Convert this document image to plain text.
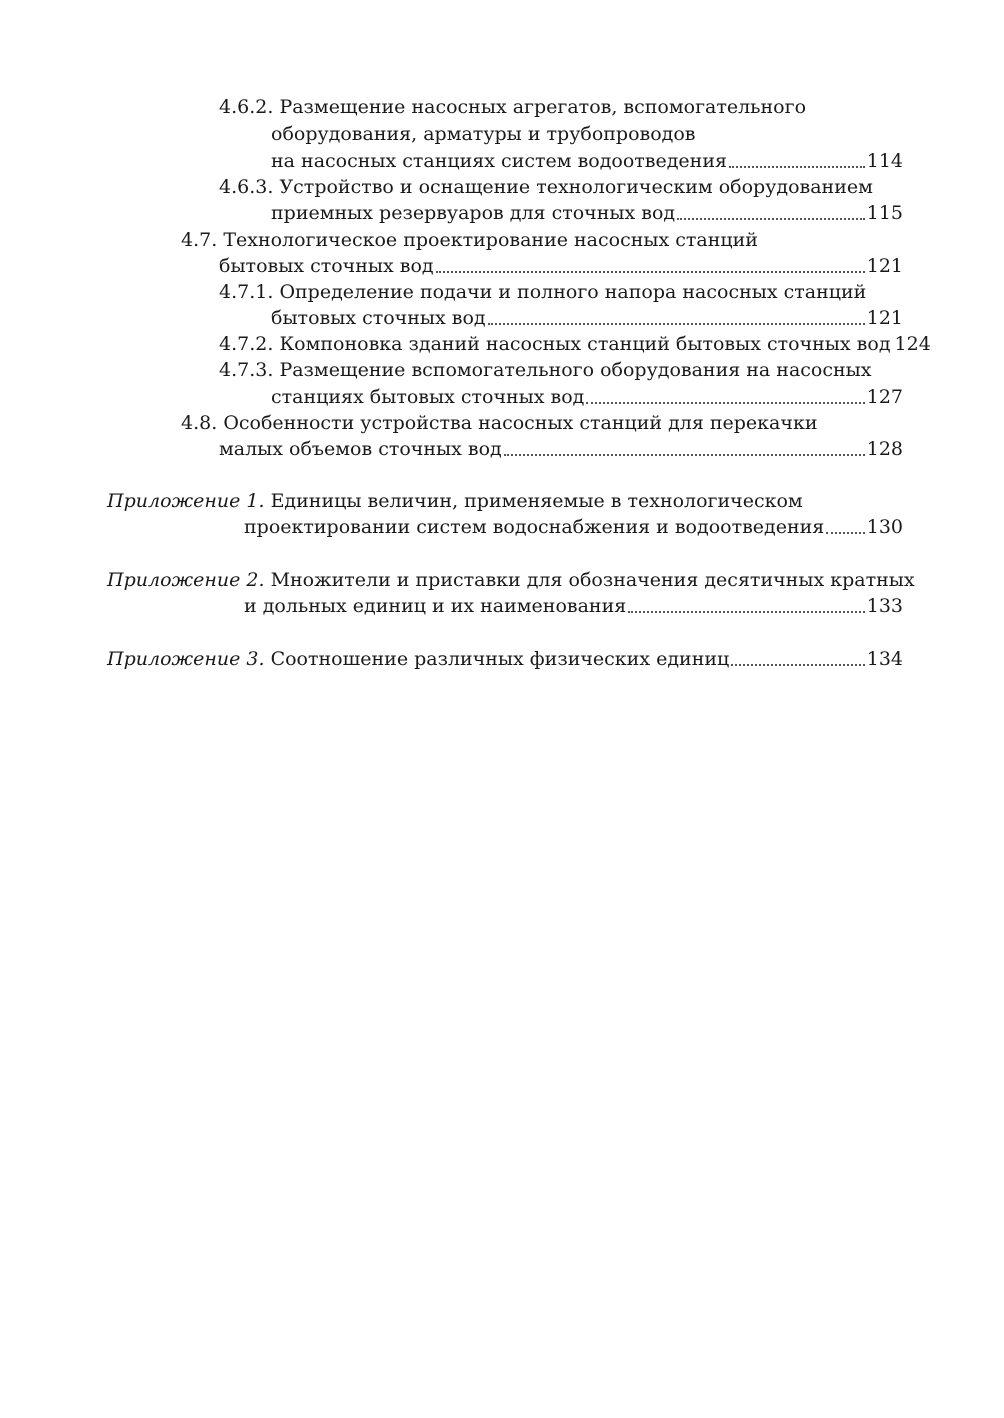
4.6.2. Размещение насосных агрегатов, вспомогательного
оборудования, арматуры и трубопроводов
на насосных станциях систем водоотведения	114
4.6.3. Устройство и оснащение технологическим оборудованием
приемных резервуаров для сточных вод	115
4.7. Технологическое проектирование насосных станций
бытовых сточных вод	121
4.7.1. Определение подачи и полного напора насосных станций
бытовых сточных вод	121
4.7.2. Компоновка зданий насосных станций бытовых сточных вод 124
4.7.3. Размещение вспомогательного оборудования на насосных
станциях бытовых сточных вод	127
4.8. Особенности устройства насосных станций для перекачки
малых объемов сточных вод	128
Приложение 1. Единицы величин, применяемые в технологическом
проектировании систем водоснабжения и водоотведения 130
Приложение 2. Множители и приставки для обозначения десятичных кратных
и дольных единиц и их наименования	133
Приложение 3. Соотношение различных физических единиц	134
